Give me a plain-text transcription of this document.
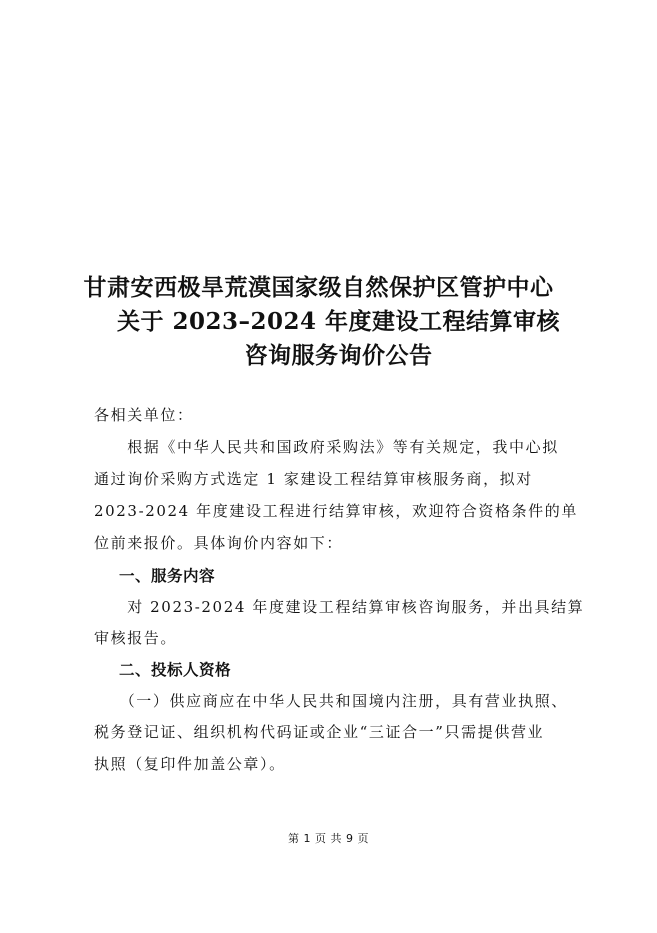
甘肃安西极旱荒漠国家级自然保护区管护中心
关于 2023–2024 年度建设工程结算审核
咨询服务询价公告
各相关单位：
　　根据《中华人民共和国政府采购法》等有关规定，我中心拟
通过询价采购方式选定 1 家建设工程结算审核服务商，拟对
2023-2024 年度建设工程进行结算审核，欢迎符合资格条件的单
位前来报价。具体询价内容如下：
一、服务内容
　　对 2023-2024 年度建设工程结算审核咨询服务，并出具结算
审核报告。
二、投标人资格
　　（一）供应商应在中华人民共和国境内注册，具有营业执照、
税务登记证、组织机构代码证或企业“三证合一”只需提供营业
执照（复印件加盖公章）。
第 1 页 共 9 页
